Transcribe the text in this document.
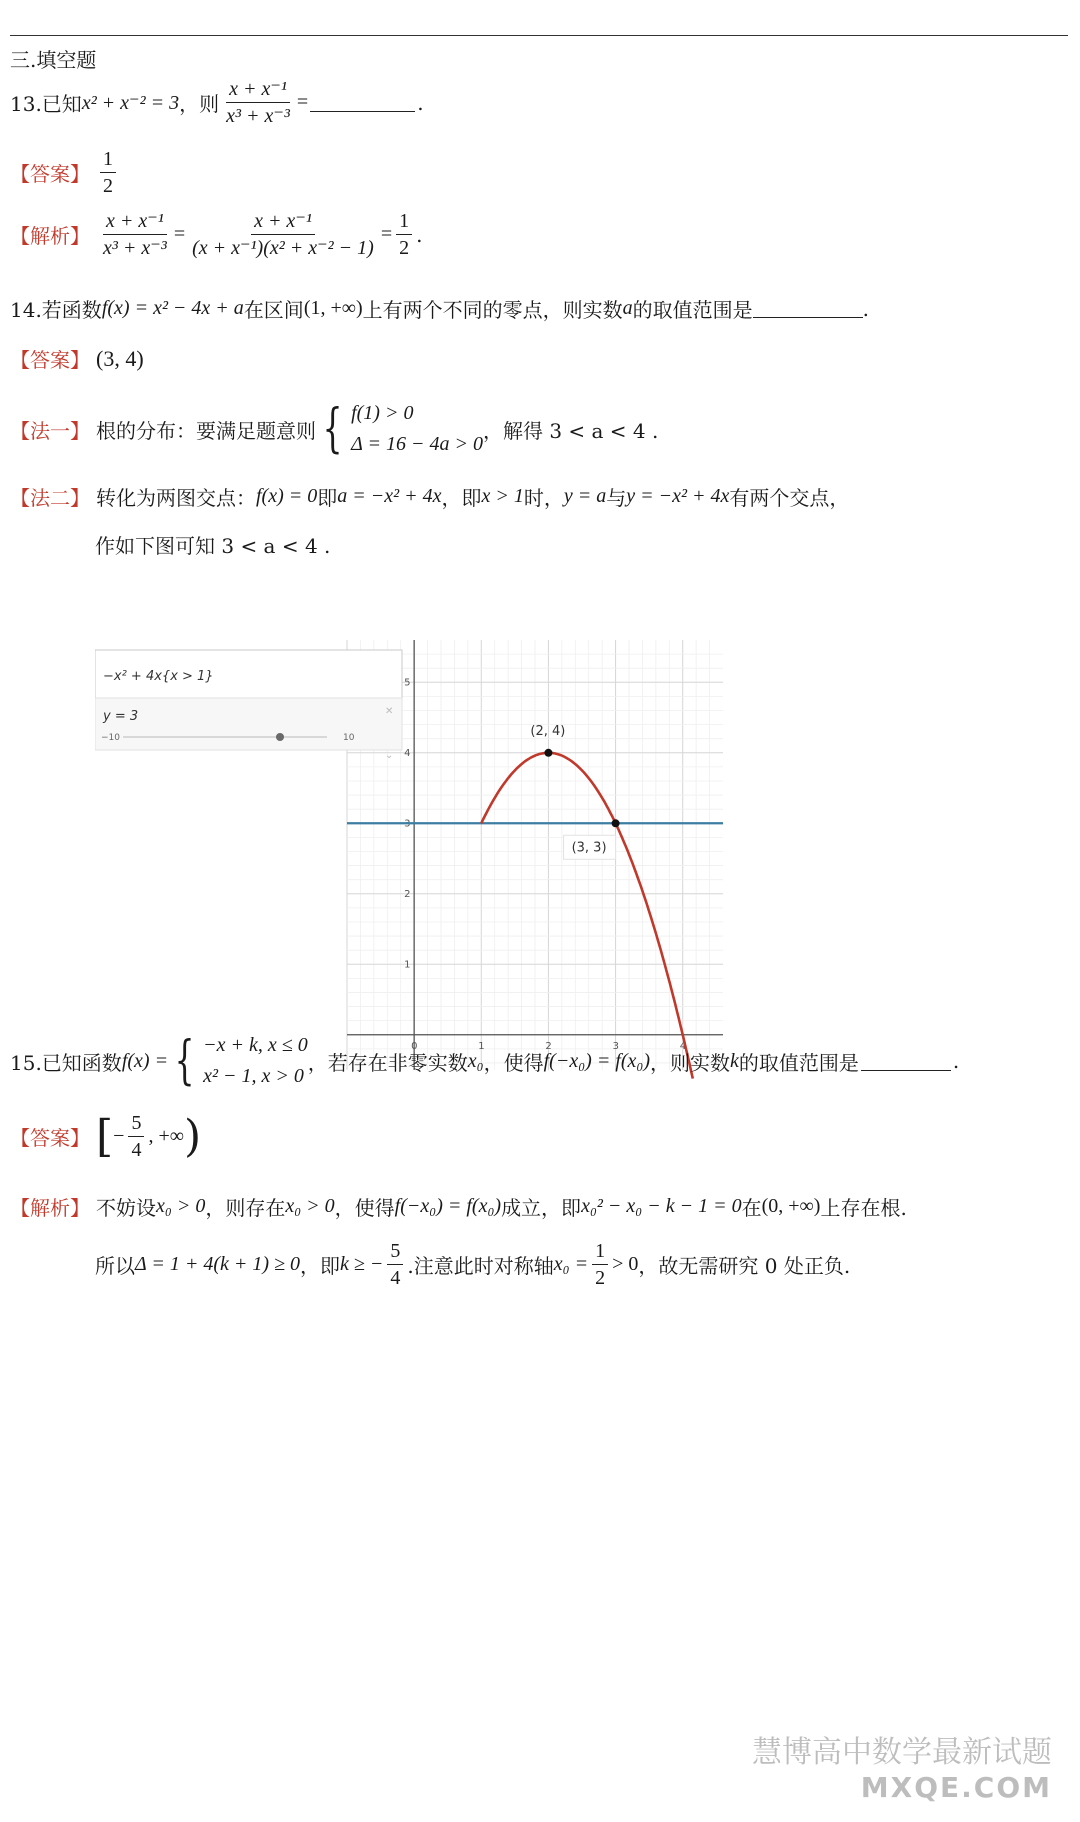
三.填空题
13.已知 x² + x⁻² = 3 ，则 $\frac{\text{x + x⁻¹}}{\text{x³ + x⁻³}}$ =	.
【答案】 $\frac{1}{2}$
【解析】 $\frac{\text{x + x⁻¹}}{\text{x³ + x⁻³}} = \frac{\text{x + x⁻¹}}{\text{(x + x⁻¹)(x² + x⁻² − 1)}} = \frac{1}{2}$ .
14.若函数 f(x) = x² − 4x + a 在区间 (1, +∞) 上有两个不同的零点，则实数 a 的取值范围是	.
【答案】 (3, 4)
【法一】 根的分布：要满足题意则 { f(1) > 0
Δ = 16 − 4a > 0
，解得 3 < a < 4 .
【法二】 转化为两图交点： f(x) = 0 即 a = −x² + 4x ，即 x > 1 时， y = a 与 y = −x² + 4x 有两个交点，
作如下图可知 3 < a < 4 .
0	1	2	3	4
1
2
3
4
5
−x² + 4x{x > 1}
y = 3
−10	10
✕
⌄
(2, 4)
(3, 3)
15.已知函数 f(x) = { −x + k, x ≤ 0
x² − 1, x > 0
，若存在非零实数 x₀ ，使得 f(−x₀) = f(x₀) ，则实数 k 的取值范围是	.
【答案】 [ − $\frac{5}{4}$ , +∞ )
【解析】 不妨设 x₀ > 0 ，则存在 x₀ > 0 ，使得 f(−x₀) = f(x₀) 成立，即 x₀² − x₀ − k − 1 = 0 在 (0, +∞) 上存在根.
所以 Δ = 1 + 4(k + 1) ≥ 0 ，即 k ≥ − $\frac{5}{4}$ .注意此时对称轴 $x_0 = \frac{1}{2} > 0$ ，故无需研究 0 处正负.
慧博高中数学最新试题
MXQE.COM
